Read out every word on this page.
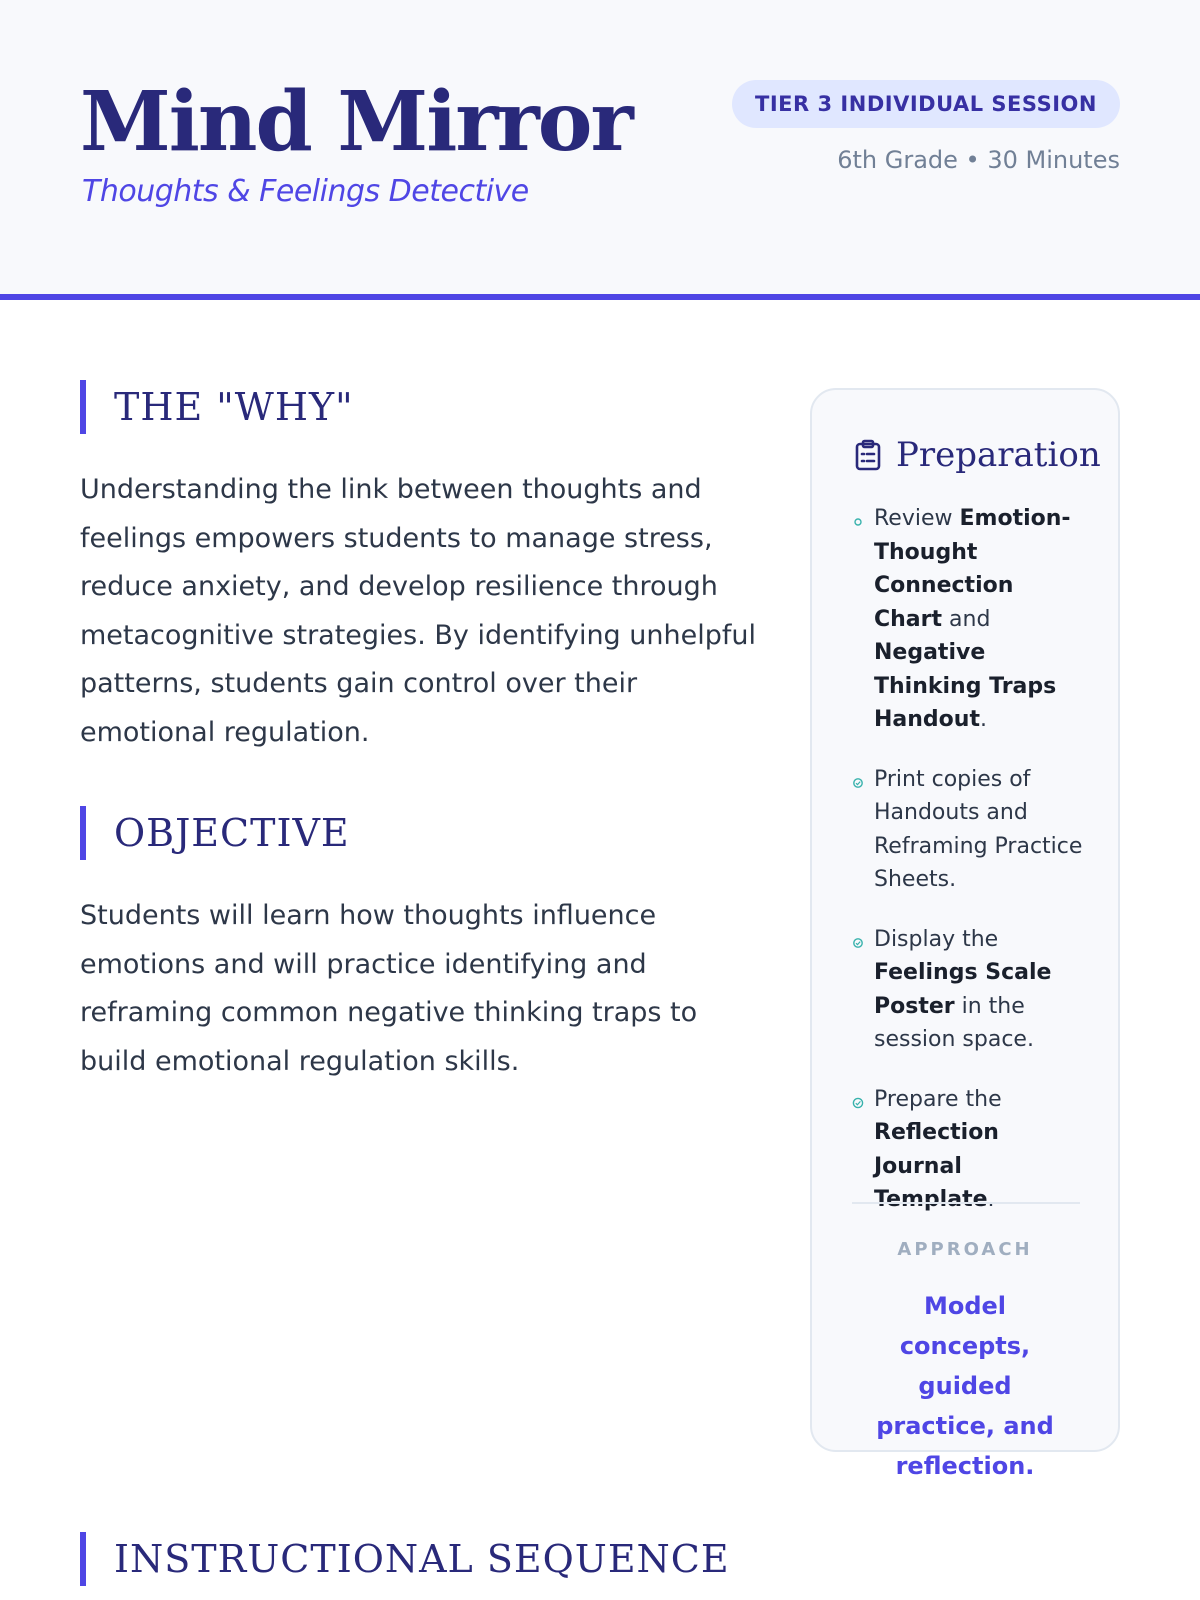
Mind Mirror
Thoughts & Feelings Detective
TIER 3 INDIVIDUAL SESSION
6th Grade • 30 Minutes
THE "WHY"

Understanding the link between thoughts and feelings empowers students to manage stress, reduce anxiety, and develop resilience through metacognitive strategies. By identifying unhelpful patterns, students gain control over their emotional regulation.

OBJECTIVE

Students will learn how thoughts influence emotions and will practice identifying and reframing common negative thinking traps to build emotional regulation skills.

Preparation
Review Emotion-Thought Connection Chart and Negative Thinking Traps Handout.
Print copies of Handouts and Reframing Practice Sheets.
Display the Feelings Scale Poster in the session space.
Prepare the Reflection Journal Template.
APPROACH
Model concepts, guided practice, and reflection.
INSTRUCTIONAL SEQUENCE
